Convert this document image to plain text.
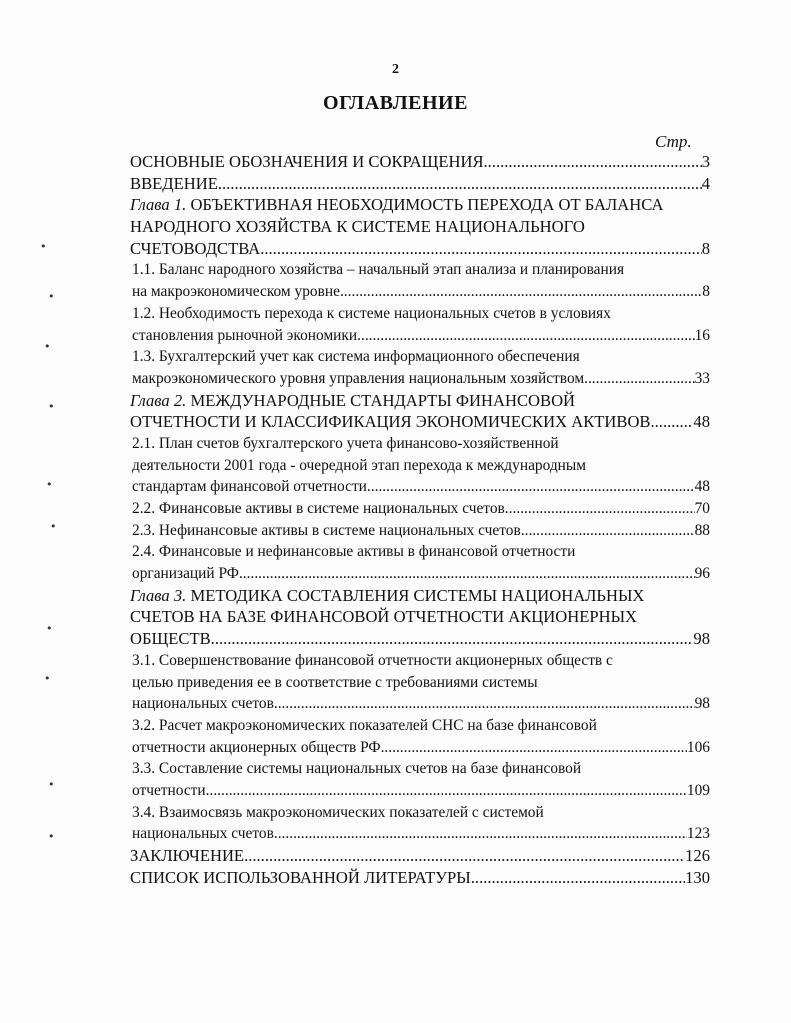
2
ОГЛАВЛЕНИЕ
Стр.
ОСНОВНЫЕ ОБОЗНАЧЕНИЯ И СОКРАЩЕНИЯ .....	3
ВВЕДЕНИЕ .....	4
Глава 1. ОБЪЕКТИВНАЯ НЕОБХОДИМОСТЬ ПЕРЕХОДА ОТ БАЛАНСА
НАРОДНОГО ХОЗЯЙСТВА К СИСТЕМЕ НАЦИОНАЛЬНОГО
СЧЕТОВОДСТВА .....	8
1.1. Баланс народного хозяйства – начальный этап анализа и планирования
на макроэкономическом уровне .....	8
1.2. Необходимость перехода к системе национальных счетов в условиях
становления рыночной экономики. .....	16
1.3. Бухгалтерский учет как система информационного обеспечения
макроэкономического уровня управления национальным хозяйством .....	33
Глава 2. МЕЖДУНАРОДНЫЕ СТАНДАРТЫ ФИНАНСОВОЙ
ОТЧЕТНОСТИ И КЛАССИФИКАЦИЯ ЭКОНОМИЧЕСКИХ АКТИВОВ .....	48
2.1. План счетов бухгалтерского учета финансово-хозяйственной
деятельности 2001 года - очередной этап перехода к международным
стандартам финансовой отчетности .....	48
2.2. Финансовые активы в системе национальных счетов .....	70
2.3. Нефинансовые активы в системе национальных счетов .....	88
2.4. Финансовые и нефинансовые активы в финансовой отчетности
организаций РФ .....	96
Глава 3. МЕТОДИКА СОСТАВЛЕНИЯ СИСТЕМЫ НАЦИОНАЛЬНЫХ
СЧЕТОВ НА БАЗЕ ФИНАНСОВОЙ ОТЧЕТНОСТИ АКЦИОНЕРНЫХ
ОБЩЕСТВ .....	98
3.1. Совершенствование финансовой отчетности акционерных обществ с
целью приведения ее в соответствие с требованиями системы
национальных счетов .....	98
3.2. Расчет макроэкономических показателей СНС на базе финансовой
отчетности акционерных обществ РФ .....	106
3.3. Составление системы национальных счетов на базе финансовой
отчетности .....	109
3.4. Взаимосвязь макроэкономических показателей с системой
национальных счетов .....	123
ЗАКЛЮЧЕНИЕ .....	126
СПИСОК ИСПОЛЬЗОВАННОЙ ЛИТЕРАТУРЫ .....	130
•
•
•
•
•
•
•
•
•
•
